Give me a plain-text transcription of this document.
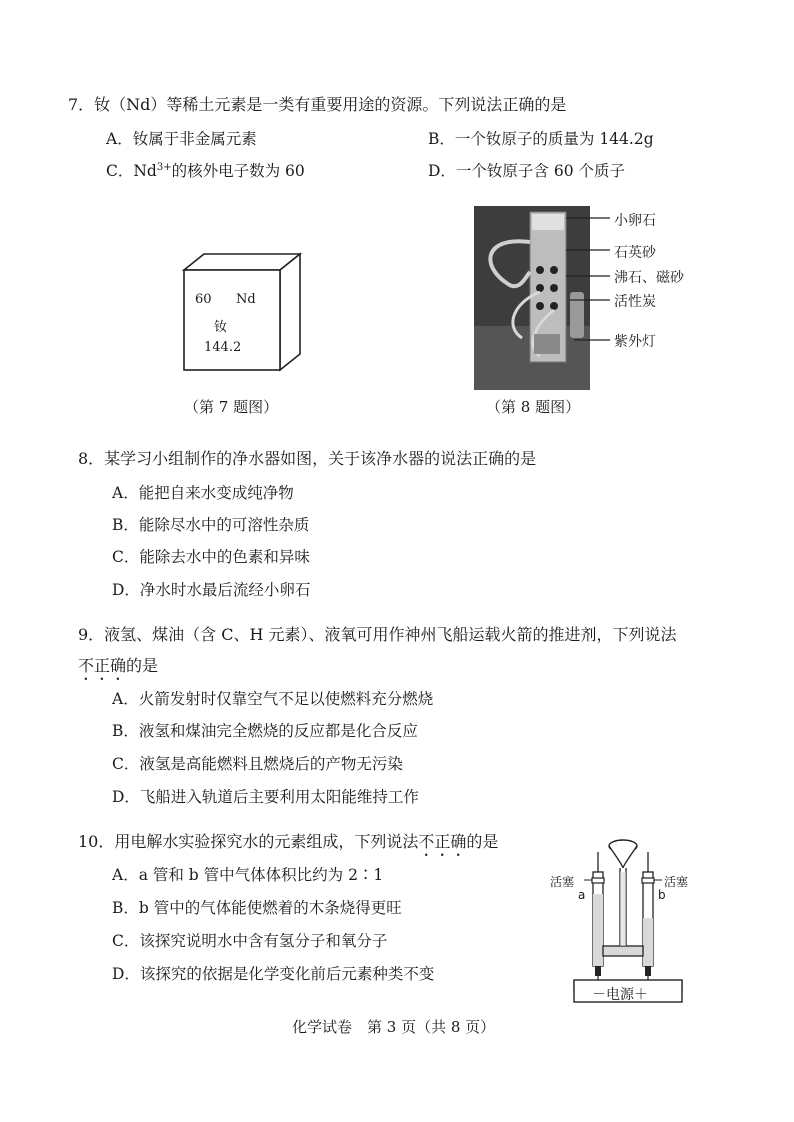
7．钕（Nd）等稀土元素是一类有重要用途的资源。下列说法正确的是
A．钕属于非金属元素	B．一个钕原子的质量为 144.2g
C．$Nd^{3+}$的核外电子数为 60	D．一个钕原子含 60 个质子
60 Nd
钕
144.2
（第 7 题图）
小卵石
石英砂
沸石、磁砂
活性炭
紫外灯
（第 8 题图）
8．某学习小组制作的净水器如图，关于该净水器的说法正确的是
A．能把自来水变成纯净物
B．能除尽水中的可溶性杂质
C．能除去水中的色素和异味
D．净水时水最后流经小卵石
9．液氢、煤油（含 C、H 元素）、液氧可用作神州飞船运载火箭的推进剂，下列说法
不正确的是
A．火箭发射时仅靠空气不足以使燃料充分燃烧
B．液氢和煤油完全燃烧的反应都是化合反应
C．液氢是高能燃料且燃烧后的产物无污染
D．飞船进入轨道后主要利用太阳能维持工作
10．用电解水实验探究水的元素组成，下列说法不正确的是
A．a 管和 b 管中气体体积比约为 2∶1
B．b 管中的气体能使燃着的木条烧得更旺
C．该探究说明水中含有氢分子和氧分子
D．该探究的依据是化学变化前后元素种类不变
活塞	活塞
a	b
－电源＋
化学试卷　第 3 页（共 8 页）
